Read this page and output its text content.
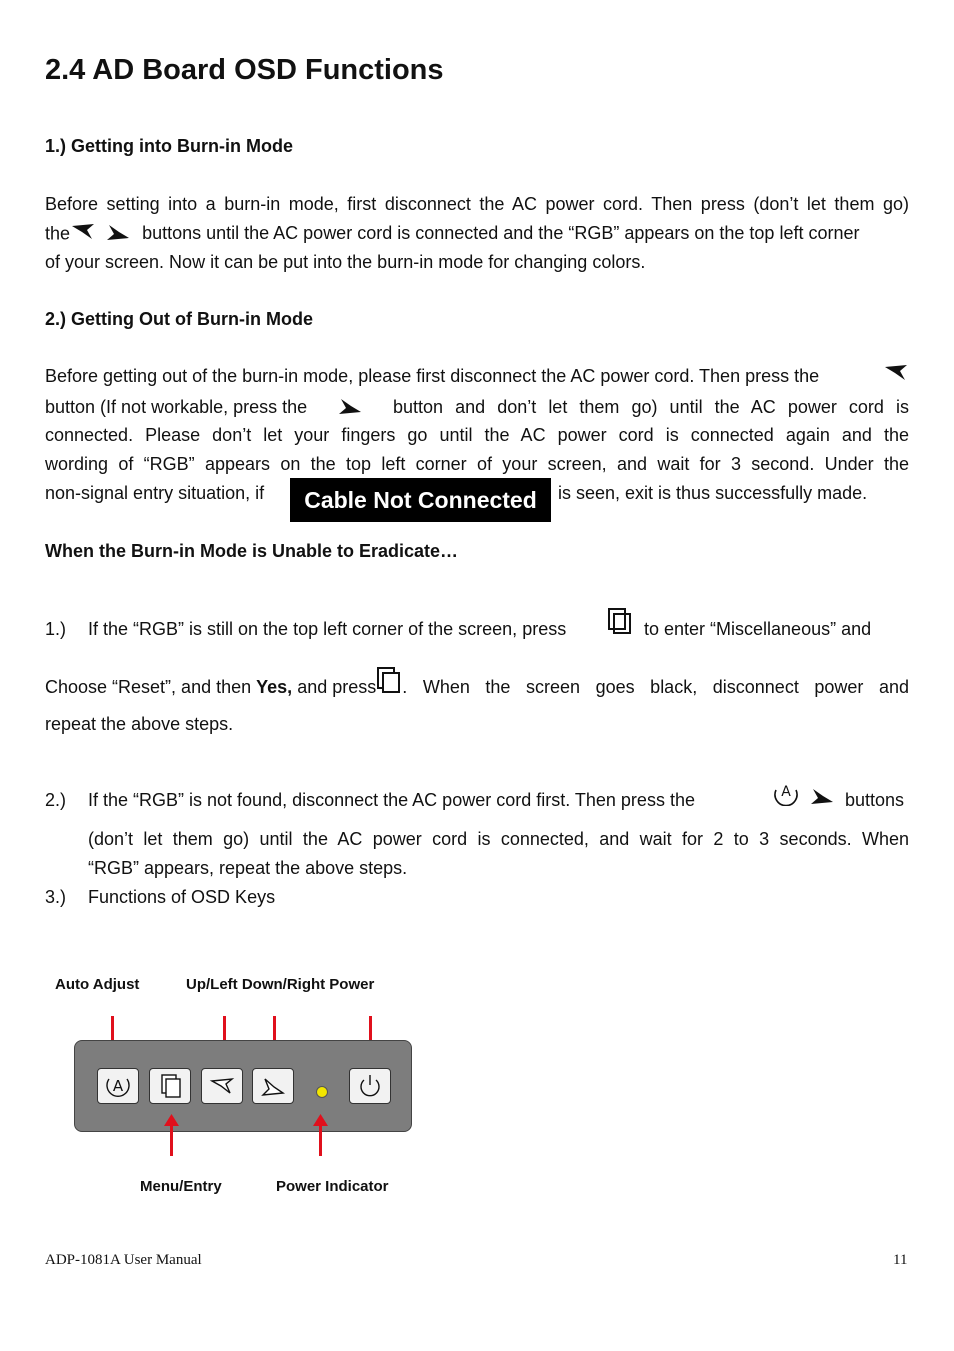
2.4 AD Board OSD Functions
1.) Getting into Burn-in Mode
Before setting into a burn-in mode, first disconnect the AC power cord. Then press (don’t let them go)
the	buttons until the AC power cord is connected and the “RGB” appears on the top left corner
of your screen. Now it can be put into the burn-in mode for changing colors.
2.) Getting Out of Burn-in Mode
Before getting out of the burn-in mode, please first disconnect the AC power cord. Then press the
button (If not workable, press the	button and don’t let them go) until the AC power cord is
connected. Please don’t let your fingers go until the AC power cord is connected again and the
wording of “RGB” appears on the top left corner of your screen, and wait for 3 second. Under the
non-signal entry situation, if	Cable Not Connected	is seen, exit is thus successfully made.
When the Burn-in Mode is Unable to Eradicate…
1.) If the “RGB” is still on the top left corner of the screen, press	to enter “Miscellaneous” and
Choose “Reset”, and then Yes, and press	. When the screen goes black, disconnect power and
repeat the above steps.
2.) If the “RGB” is not found, disconnect the AC power cord first. Then press the	A	buttons
(don’t let them go) until the AC power cord is connected, and wait for 2 to 3 seconds. When
“RGB” appears, repeat the above steps.
3.) Functions of OSD Keys
Auto Adjust	Up/Left Down/Right Power
A
Menu/Entry	Power Indicator
ADP-1081A User Manual	11
